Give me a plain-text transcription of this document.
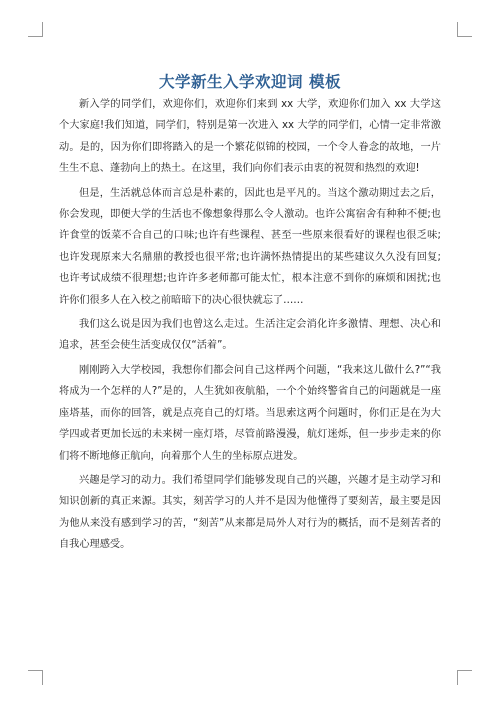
大学新生入学欢迎词 模板

新入学的同学们，欢迎你们，欢迎你们来到 xx 大学，欢迎你们加入 xx 大学这个大家庭!我们知道，同学们，特别是第一次进入 xx 大学的同学们，心情一定非常激动。是的，因为你们即将踏入的是一个繁花似锦的校园，一个令人眷念的故地，一片生生不息、蓬勃向上的热土。在这里，我们向你们表示由衷的祝贺和热烈的欢迎!

但是，生活就总体而言总是朴素的，因此也是平凡的。当这个激动期过去之后，你会发现，即便大学的生活也不像想象得那么令人激动。也许公寓宿舍有种种不便;也许食堂的饭菜不合自己的口味;也许有些课程、甚至一些原来很看好的课程也很乏味;也许发现原来大名鼎鼎的教授也很平常;也许满怀热情提出的某些建议久久没有回复;也许考试成绩不很理想;也许许多老师都可能太忙，根本注意不到你的麻烦和困扰;也许你们很多人在入校之前暗暗下的决心很快就忘了……

我们这么说是因为我们也曾这么走过。生活注定会消化许多激情、理想、决心和追求，甚至会使生活变成仅仅“活着”。

刚刚跨入大学校园，我想你们都会问自己这样两个问题，“我来这儿做什么?”“我将成为一个怎样的人?”是的，人生犹如夜航船，一个个始终警省自己的问题就是一座座塔基，而你的回答，就是点亮自己的灯塔。当思索这两个问题时，你们正是在为大学四或者更加长远的未来树一座灯塔，尽管前路漫漫，航灯迷烁，但一步步走来的你们将不断地修正航向，向着那个人生的坐标原点进发。

兴趣是学习的动力。我们希望同学们能够发现自己的兴趣，兴趣才是主动学习和知识创新的真正来源。其实，刻苦学习的人并不是因为他懂得了要刻苦，最主要是因为他从来没有感到学习的苦，“刻苦”从来都是局外人对行为的概括，而不是刻苦者的自我心理感受。
